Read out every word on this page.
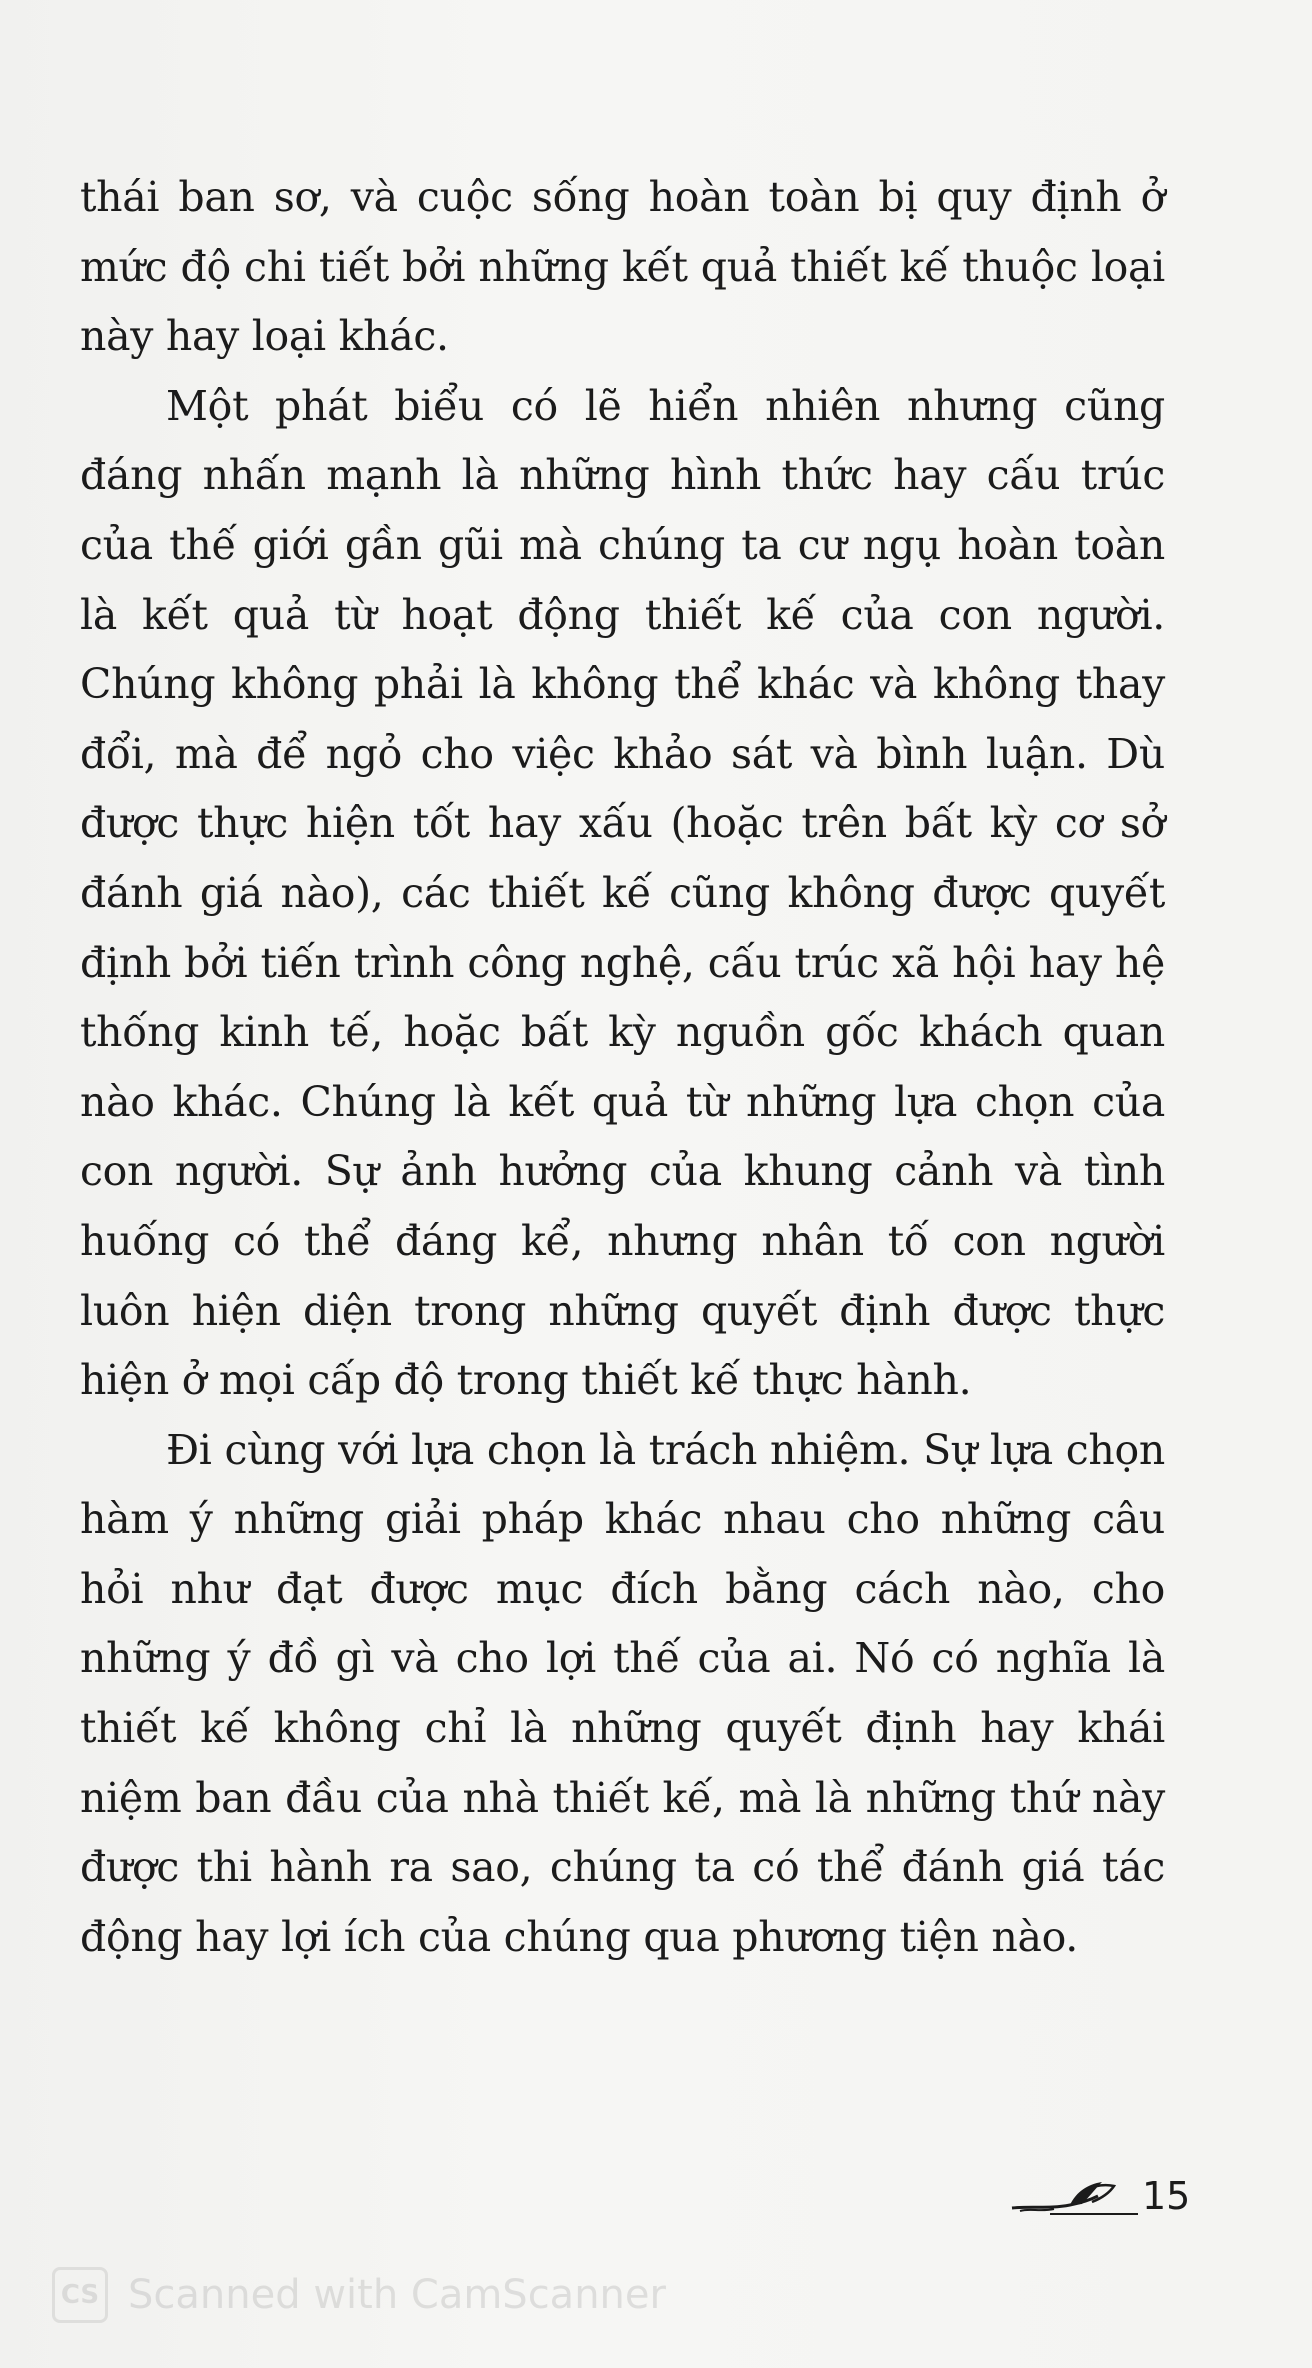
thái ban sơ, và cuộc sống hoàn toàn bị quy định ở mức độ chi tiết bởi những kết quả thiết kế thuộc loại này hay loại khác.

Một phát biểu có lẽ hiển nhiên nhưng cũng đáng nhấn mạnh là những hình thức hay cấu trúc của thế giới gần gũi mà chúng ta cư ngụ hoàn toàn là kết quả từ hoạt động thiết kế của con người. Chúng không phải là không thể khác và không thay đổi, mà để ngỏ cho việc khảo sát và bình luận. Dù được thực hiện tốt hay xấu (hoặc trên bất kỳ cơ sở đánh giá nào), các thiết kế cũng không được quyết định bởi tiến trình công nghệ, cấu trúc xã hội hay hệ thống kinh tế, hoặc bất kỳ nguồn gốc khách quan nào khác. Chúng là kết quả từ những lựa chọn của con người. Sự ảnh hưởng của khung cảnh và tình huống có thể đáng kể, nhưng nhân tố con người luôn hiện diện trong những quyết định được thực hiện ở mọi cấp độ trong thiết kế thực hành.

Đi cùng với lựa chọn là trách nhiệm. Sự lựa chọn hàm ý những giải pháp khác nhau cho những câu hỏi như đạt được mục đích bằng cách nào, cho những ý đồ gì và cho lợi thế của ai. Nó có nghĩa là thiết kế không chỉ là những quyết định hay khái niệm ban đầu của nhà thiết kế, mà là những thứ này được thi hành ra sao, chúng ta có thể đánh giá tác động hay lợi ích của chúng qua phương tiện nào.

15
CS Scanned with CamScanner
